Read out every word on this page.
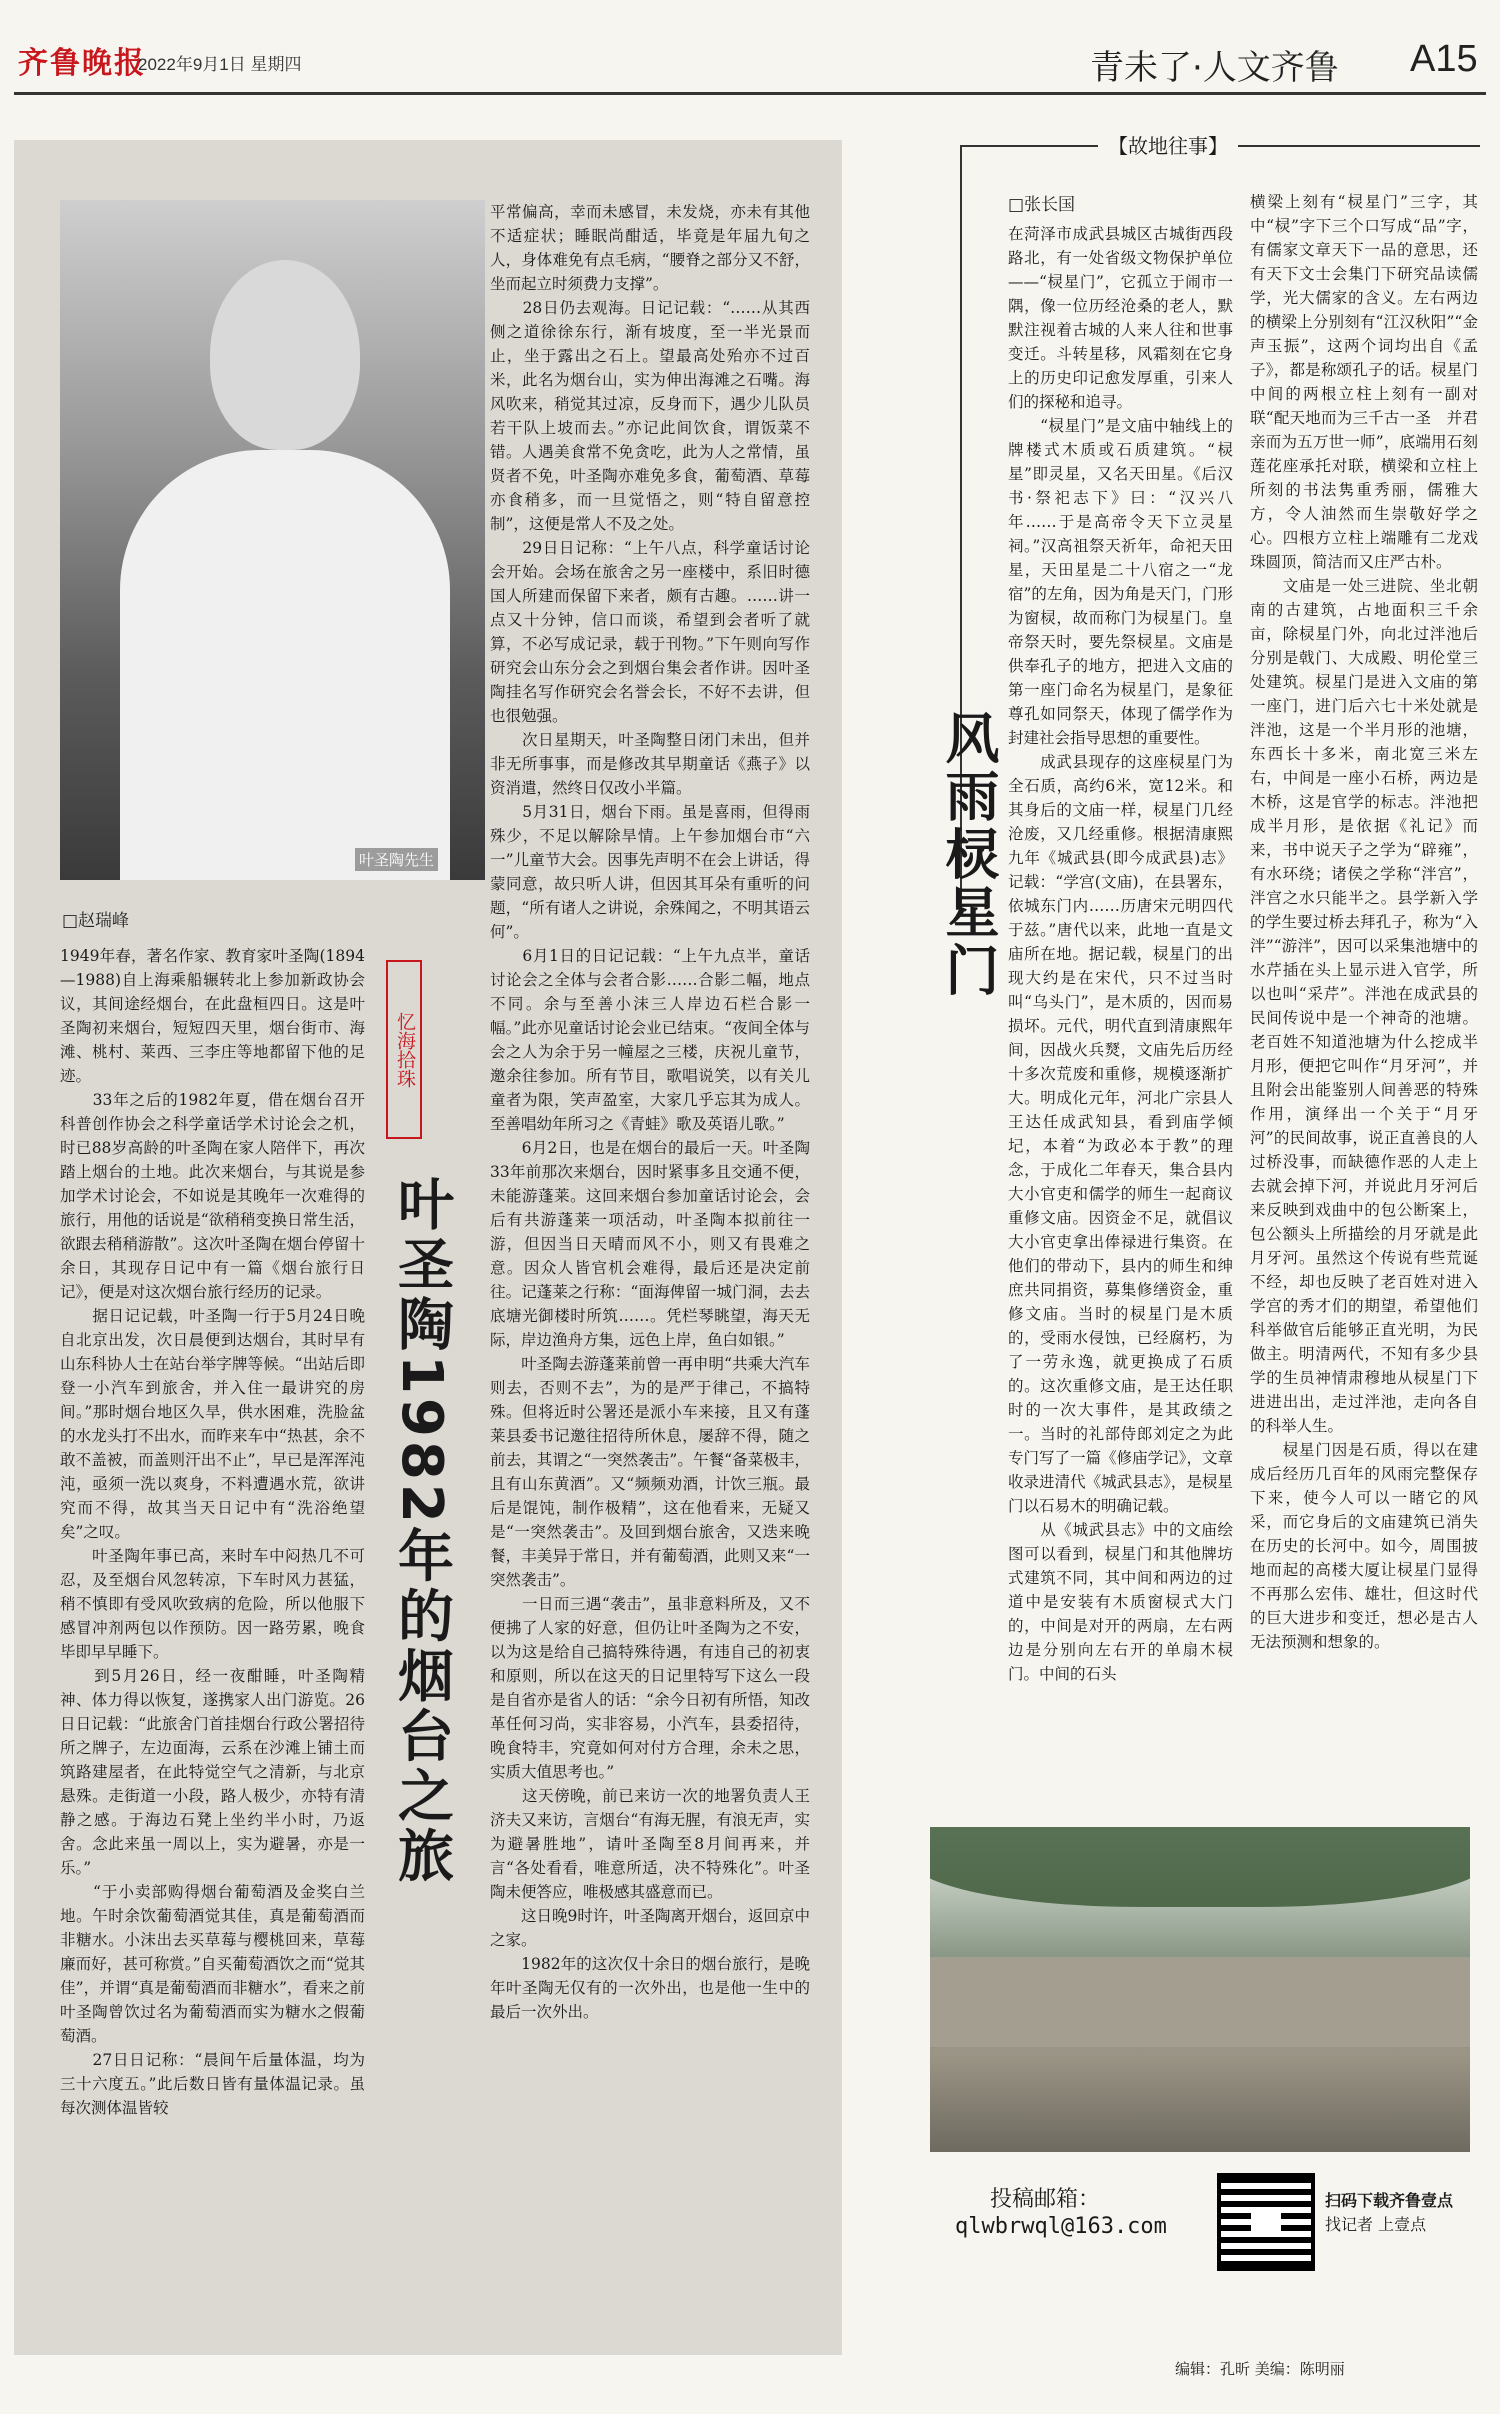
齐鲁晚报
2022年9月1日 星期四	青未了·人文齐鲁 A15
叶圣陶先生
□赵瑞峰
1949年春，著名作家、教育家叶圣陶(1894—1988)自上海乘船辗转北上参加新政协会议，其间途经烟台，在此盘桓四日。这是叶圣陶初来烟台，短短四天里，烟台街市、海滩、桃村、莱西、三李庄等地都留下他的足迹。
　　33年之后的1982年夏，借在烟台召开科普创作协会之科学童话学术讨论会之机，时已88岁高龄的叶圣陶在家人陪伴下，再次踏上烟台的土地。此次来烟台，与其说是参加学术讨论会，不如说是其晚年一次难得的旅行，用他的话说是“欲稍稍变换日常生活，欲跟去稍稍游散”。这次叶圣陶在烟台停留十余日，其现存日记中有一篇《烟台旅行日记》，便是对这次烟台旅行经历的记录。
　　据日记记载，叶圣陶一行于5月24日晚自北京出发，次日晨便到达烟台，其时早有山东科协人士在站台举字牌等候。“出站后即登一小汽车到旅舍，并入住一最讲究的房间。”那时烟台地区久旱，供水困难，洗脸盆的水龙头打不出水，而昨来车中“热甚，余不敢不盖被，而盖则汗出不止”，早已是浑浑沌沌，亟须一洗以爽身，不料遭遇水荒，欲讲究而不得，故其当天日记中有“洗浴绝望矣”之叹。
　　叶圣陶年事已高，来时车中闷热几不可忍，及至烟台风忽转凉，下车时风力甚猛，稍不慎即有受风吹致病的危险，所以他服下感冒冲剂两包以作预防。因一路劳累，晚食毕即早早睡下。
　　到5月26日，经一夜酣睡，叶圣陶精神、体力得以恢复，遂携家人出门游览。26日日记载：“此旅舍门首挂烟台行政公署招待所之牌子，左边面海，云系在沙滩上铺土而筑路建屋者，在此特觉空气之清新，与北京悬殊。走街道一小段，路人极少，亦特有清静之感。于海边石凳上坐约半小时，乃返舍。念此来虽一周以上，实为避暑，亦是一乐。”
　　“于小卖部购得烟台葡萄酒及金奖白兰地。午时余饮葡萄酒觉其佳，真是葡萄酒而非糖水。小沫出去买草莓与樱桃回来，草莓廉而好，甚可称赏。”自买葡萄酒饮之而“觉其佳”，并谓“真是葡萄酒而非糖水”，看来之前叶圣陶曾饮过名为葡萄酒而实为糖水之假葡萄酒。
　　27日日记称：“晨间午后量体温，均为三十六度五。”此后数日皆有量体温记录。虽每次测体温皆较
忆海拾珠
叶圣陶1982年的烟台之旅
平常偏高，幸而未感冒，未发烧，亦未有其他不适症状；睡眠尚酣适，毕竟是年届九旬之人，身体难免有点毛病，“腰脊之部分又不舒，坐而起立时须费力支撑”。
　　28日仍去观海。日记记载：“……从其西侧之道徐徐东行，渐有坡度，至一半光景而止，坐于露出之石上。望最高处殆亦不过百米，此名为烟台山，实为伸出海滩之石嘴。海风吹来，稍觉其过凉，反身而下，遇少儿队员若干队上坡而去。”亦记此间饮食，谓饭菜不错。人遇美食常不免贪吃，此为人之常情，虽贤者不免，叶圣陶亦难免多食，葡萄酒、草莓亦食稍多，而一旦觉悟之，则“特自留意控制”，这便是常人不及之处。
　　29日日记称：“上午八点，科学童话讨论会开始。会场在旅舍之另一座楼中，系旧时德国人所建而保留下来者，颇有古趣。……讲一点又十分钟，信口而谈，希望到会者听了就算，不必写成记录，载于刊物。”下午则向写作研究会山东分会之到烟台集会者作讲。因叶圣陶挂名写作研究会名誉会长，不好不去讲，但也很勉强。
　　次日星期天，叶圣陶整日闭门未出，但并非无所事事，而是修改其早期童话《燕子》以资消遣，然终日仅改小半篇。
　　5月31日，烟台下雨。虽是喜雨，但得雨殊少，不足以解除旱情。上午参加烟台市“六一”儿童节大会。因事先声明不在会上讲话，得蒙同意，故只听人讲，但因其耳朵有重听的问题，“所有诸人之讲说，余殊闻之，不明其语云何”。
　　6月1日的日记记载：“上午九点半，童话讨论会之全体与会者合影……合影二幅，地点不同。余与至善小沫三人岸边石栏合影一幅。”此亦见童话讨论会业已结束。“夜间全体与会之人为余于另一幢屋之三楼，庆祝儿童节，邀余往参加。所有节目，歌唱说笑，以有关儿童者为限，笑声盈室，大家几乎忘其为成人。至善唱幼年所习之《青蛙》歌及英语儿歌。”
　　6月2日，也是在烟台的最后一天。叶圣陶33年前那次来烟台，因时紧事多且交通不便，未能游蓬莱。这回来烟台参加童话讨论会，会后有共游蓬莱一项活动，叶圣陶本拟前往一游，但因当日天晴而风不小，则又有畏难之意。因众人皆官机会难得，最后还是决定前往。记蓬莱之行称：“面海俾留一城门洞，去去底塘光御楼时所筑……。凭栏琴眺望，海天无际，岸边渔舟方集，远色上岸，鱼白如银。”
　　叶圣陶去游蓬莱前曾一再申明“共乘大汽车则去，否则不去”，为的是严于律己，不搞特殊。但将近时公署还是派小车来接，且又有蓬莱县委书记邀往招待所休息，屡辞不得，随之前去，其谓之“一突然袭击”。午餐“备菜极丰，且有山东黄酒”。又“频频劝酒，计饮三瓶。最后是馄饨，制作极精”，这在他看来，无疑又是“一突然袭击”。及回到烟台旅舍，又迭来晚餐，丰美异于常日，并有葡萄酒，此则又来“一突然袭击”。
　　一日而三遇“袭击”，虽非意料所及，又不便拂了人家的好意，但仍让叶圣陶为之不安，以为这是给自己搞特殊待遇，有违自己的初衷和原则，所以在这天的日记里特写下这么一段是自省亦是省人的话：“余今日初有所悟，知改革任何习尚，实非容易，小汽车，县委招待，晚食特丰，究竟如何对付方合理，余未之思，实质大值思考也。”
　　这天傍晚，前已来访一次的地署负责人王济夫又来访，言烟台“有海无腥，有浪无声，实为避暑胜地”，请叶圣陶至8月间再来，并言“各处看看，唯意所适，决不特殊化”。叶圣陶未便答应，唯极感其盛意而已。
　　这日晚9时许，叶圣陶离开烟台，返回京中之家。
　　1982年的这次仅十余日的烟台旅行，是晚年叶圣陶无仅有的一次外出，也是他一生中的最后一次外出。
【故地往事】
风雨棂星门
□张长国
在菏泽市成武县城区古城街西段路北，有一处省级文物保护单位——“棂星门”，它孤立于闹市一隅，像一位历经沧桑的老人，默默注视着古城的人来人往和世事变迁。斗转星移，风霜刻在它身上的历史印记愈发厚重，引来人们的探秘和追寻。
　　“棂星门”是文庙中轴线上的牌楼式木质或石质建筑。“棂星”即灵星，又名天田星。《后汉书·祭祀志下》曰：“汉兴八年……于是高帝令天下立灵星祠。”汉高祖祭天祈年，命祀天田星，天田星是二十八宿之一“龙宿”的左角，因为角是天门，门形为窗棂，故而称门为棂星门。皇帝祭天时，要先祭棂星。文庙是供奉孔子的地方，把进入文庙的第一座门命名为棂星门，是象征尊孔如同祭天，体现了儒学作为封建社会指导思想的重要性。
　　成武县现存的这座棂星门为全石质，高约6米，宽12米。和其身后的文庙一样，棂星门几经沧废，又几经重修。根据清康熙九年《城武县(即今成武县)志》记载：“学宫(文庙)，在县署东，依城东门内……历唐宋元明四代于兹。”唐代以来，此地一直是文庙所在地。据记载，棂星门的出现大约是在宋代，只不过当时叫“乌头门”，是木质的，因而易损坏。元代，明代直到清康熙年间，因战火兵燹，文庙先后历经十多次荒废和重修，规模逐渐扩大。明成化元年，河北广宗县人王达任成武知县，看到庙学倾圮，本着“为政必本于教”的理念，于成化二年春天，集合县内大小官吏和儒学的师生一起商议重修文庙。因资金不足，就倡议大小官吏拿出俸禄进行集资。在他们的带动下，县内的师生和绅庶共同捐资，募集修缮资金，重修文庙。当时的棂星门是木质的，受雨水侵蚀，已经腐朽，为了一劳永逸，就更换成了石质的。这次重修文庙，是王达任职时的一次大事件，是其政绩之一。当时的礼部侍郎刘定之为此专门写了一篇《修庙学记》，文章收录进清代《城武县志》，是棂星门以石易木的明确记载。
　　从《城武县志》中的文庙绘图可以看到，棂星门和其他牌坊式建筑不同，其中间和两边的过道中是安装有木质窗棂式大门的，中间是对开的两扇，左右两边是分别向左右开的单扇木棂门。中间的石头
横梁上刻有“棂星门”三字，其中“棂”字下三个口写成“品”字，有儒家文章天下一品的意思，还有天下文士会集门下研究品读儒学，光大儒家的含义。左右两边的横梁上分别刻有“江汉秋阳”“金声玉振”，这两个词均出自《孟子》，都是称颂孔子的话。棂星门中间的两根立柱上刻有一副对联“配天地而为三千古一圣　并君亲而为五万世一师”，底端用石刻莲花座承托对联，横梁和立柱上所刻的书法隽重秀丽，儒雅大方，令人油然而生崇敬好学之心。四根方立柱上端雕有二龙戏珠圆顶，简洁而又庄严古朴。
　　文庙是一处三进院、坐北朝南的古建筑，占地面积三千余亩，除棂星门外，向北过泮池后分别是戟门、大成殿、明伦堂三处建筑。棂星门是进入文庙的第一座门，进门后六七十米处就是泮池，这是一个半月形的池塘，东西长十多米，南北宽三米左右，中间是一座小石桥，两边是木桥，这是官学的标志。泮池把成半月形，是依据《礼记》而来，书中说天子之学为“辟雍”，有水环绕；诸侯之学称“泮宫”，泮宫之水只能半之。县学新入学的学生要过桥去拜孔子，称为“入泮”“游泮”，因可以采集池塘中的水芹插在头上显示进入官学，所以也叫“采芹”。泮池在成武县的民间传说中是一个神奇的池塘。老百姓不知道池塘为什么挖成半月形，便把它叫作“月牙河”，并且附会出能鉴别人间善恶的特殊作用，演绎出一个关于“月牙河”的民间故事，说正直善良的人过桥没事，而缺德作恶的人走上去就会掉下河，并说此月牙河后来反映到戏曲中的包公断案上，包公额头上所描绘的月牙就是此月牙河。虽然这个传说有些荒诞不经，却也反映了老百姓对进入学宫的秀才们的期望，希望他们科举做官后能够正直光明，为民做主。明清两代，不知有多少县学的生员神情肃穆地从棂星门下进进出出，走过泮池，走向各自的科举人生。
　　棂星门因是石质，得以在建成后经历几百年的风雨完整保存下来，使今人可以一睹它的风采，而它身后的文庙建筑已消失在历史的长河中。如今，周围披地而起的高楼大厦让棂星门显得不再那么宏伟、雄壮，但这时代的巨大进步和变迁，想必是古人无法预测和想象的。
投稿邮箱：
qlwbrwql@163.com
扫码下载齐鲁壹点
找记者 上壹点
编辑：孔昕 美编：陈明丽
